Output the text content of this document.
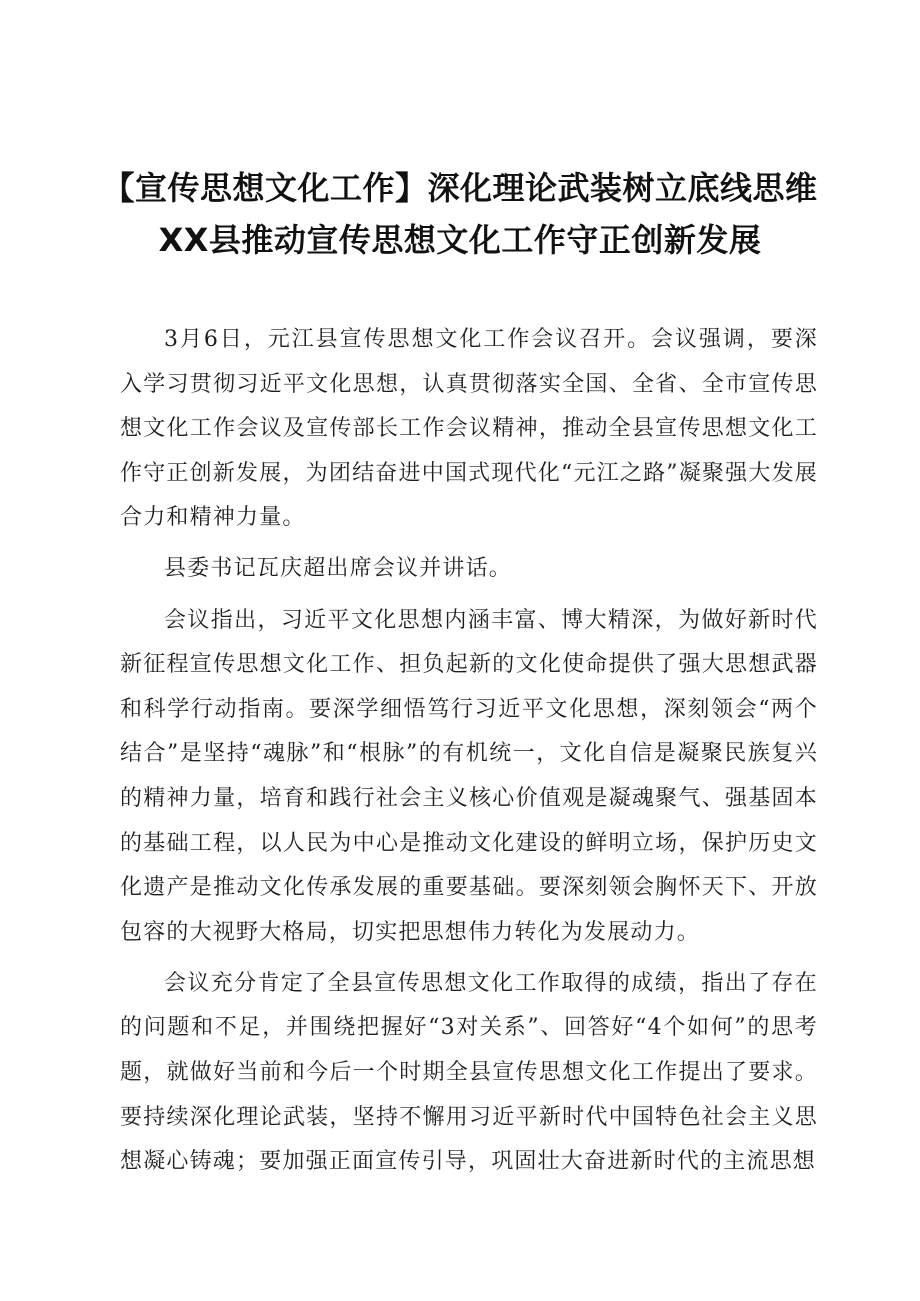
【宣传思想文化工作】深化理论武装树立底线思维XX县推动宣传思想文化工作守正创新发展

3月6日，元江县宣传思想文化工作会议召开。会议强调，要深入学习贯彻习近平文化思想，认真贯彻落实全国、全省、全市宣传思想文化工作会议及宣传部长工作会议精神，推动全县宣传思想文化工作守正创新发展，为团结奋进中国式现代化“元江之路”凝聚强大发展合力和精神力量。

县委书记瓦庆超出席会议并讲话。

会议指出，习近平文化思想内涵丰富、博大精深，为做好新时代新征程宣传思想文化工作、担负起新的文化使命提供了强大思想武器和科学行动指南。要深学细悟笃行习近平文化思想，深刻领会“两个结合”是坚持“魂脉”和“根脉”的有机统一，文化自信是凝聚民族复兴的精神力量，培育和践行社会主义核心价值观是凝魂聚气、强基固本的基础工程，以人民为中心是推动文化建设的鲜明立场，保护历史文化遗产是推动文化传承发展的重要基础。要深刻领会胸怀天下、开放包容的大视野大格局，切实把思想伟力转化为发展动力。

会议充分肯定了全县宣传思想文化工作取得的成绩，指出了存在的问题和不足，并围绕把握好“3对关系”、回答好“4个如何”的思考题，就做好当前和今后一个时期全县宣传思想文化工作提出了要求。要持续深化理论武装，坚持不懈用习近平新时代中国特色社会主义思想凝心铸魂；要加强正面宣传引导，巩固壮大奋进新时代的主流思想
